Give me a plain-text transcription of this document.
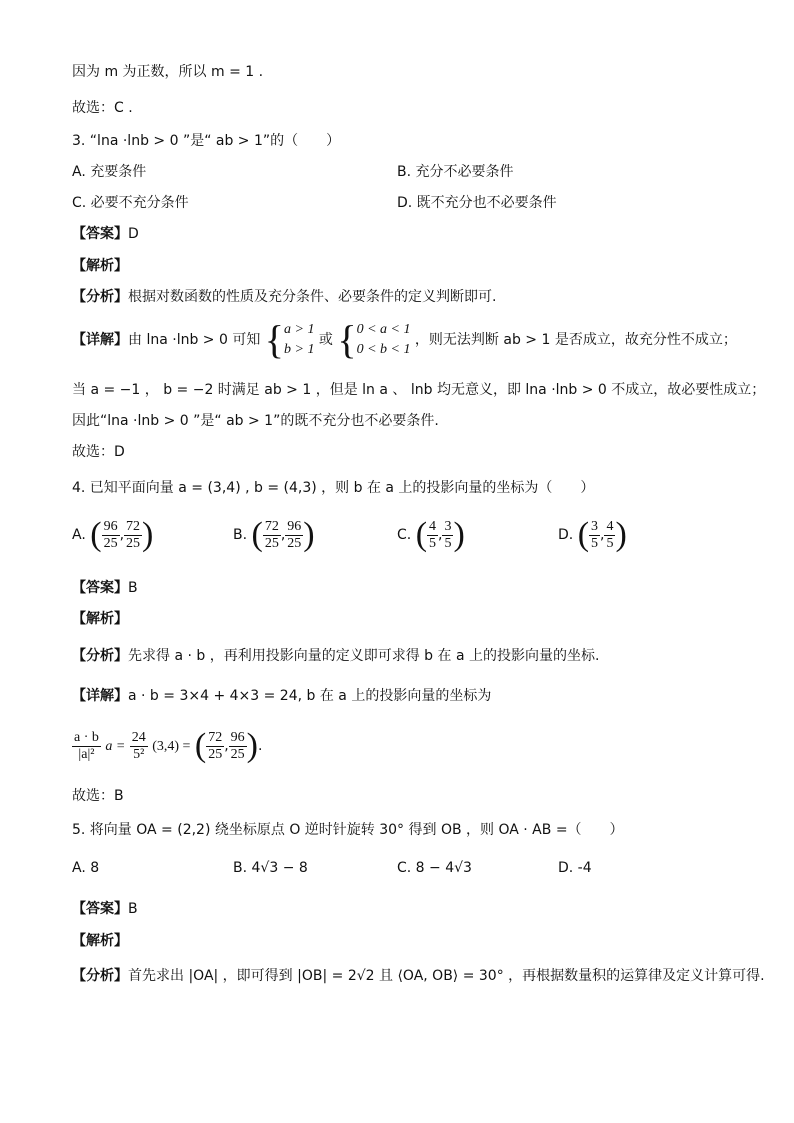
因为 m 为正数，所以 m = 1 .
故选：C .
3. “lna ·lnb > 0 ”是“ ab > 1”的（　　）
A. 充要条件	B. 充分不必要条件
C. 必要不充分条件	D. 既不充分也不必要条件
【答案】D
【解析】
【分析】根据对数函数的性质及充分条件、必要条件的定义判断即可.
【详解】由 lna ·lnb > 0 可知 { a > 1
b > 1
或 { 0 < a < 1
0 < b < 1
，则无法判断 ab > 1 是否成立，故充分性不成立；
当 a = −1 ， b = −2 时满足 ab > 1 ，但是 ln a 、 lnb 均无意义，即 lna ·lnb > 0 不成立，故必要性成立；
因此“lna ·lnb > 0 ”是“ ab > 1”的既不充分也不必要条件.
故选：D
4. 已知平面向量 a = (3,4) , b = (4,3) ，则 b 在 a 上的投影向量的坐标为（　　）
A. ( $\frac{96}{25}$ , $\frac{72}{25}$ )	B. ( $\frac{72}{25}$ , $\frac{96}{25}$ )	C. ( $\frac{4}{5}$ , $\frac{3}{5}$ )	D. ( $\frac{3}{5}$ , $\frac{4}{5}$ )
【答案】B
【解析】
【分析】先求得 a · b ，再利用投影向量的定义即可求得 b 在 a 上的投影向量的坐标.
【详解】a · b = 3×4 + 4×3 = 24, b 在 a 上的投影向量的坐标为
$\frac{a \cdot b}{\text{|a|²}}$ $a = \frac{24}{\text{5²}} (3,4)$ = ( $\frac{72}{25}$ , $\frac{96}{25}$ ).
故选：B
5. 将向量 OA = (2,2) 绕坐标原点 O 逆时针旋转 30° 得到 OB ，则 OA · AB =（　　）
A. 8	B. 4√3 − 8	C. 8 − 4√3	D. -4
【答案】B
【解析】
【分析】首先求出 |OA| ，即可得到 |OB| = 2√2 且 ⟨OA, OB⟩ = 30° ，再根据数量积的运算律及定义计算可得.
